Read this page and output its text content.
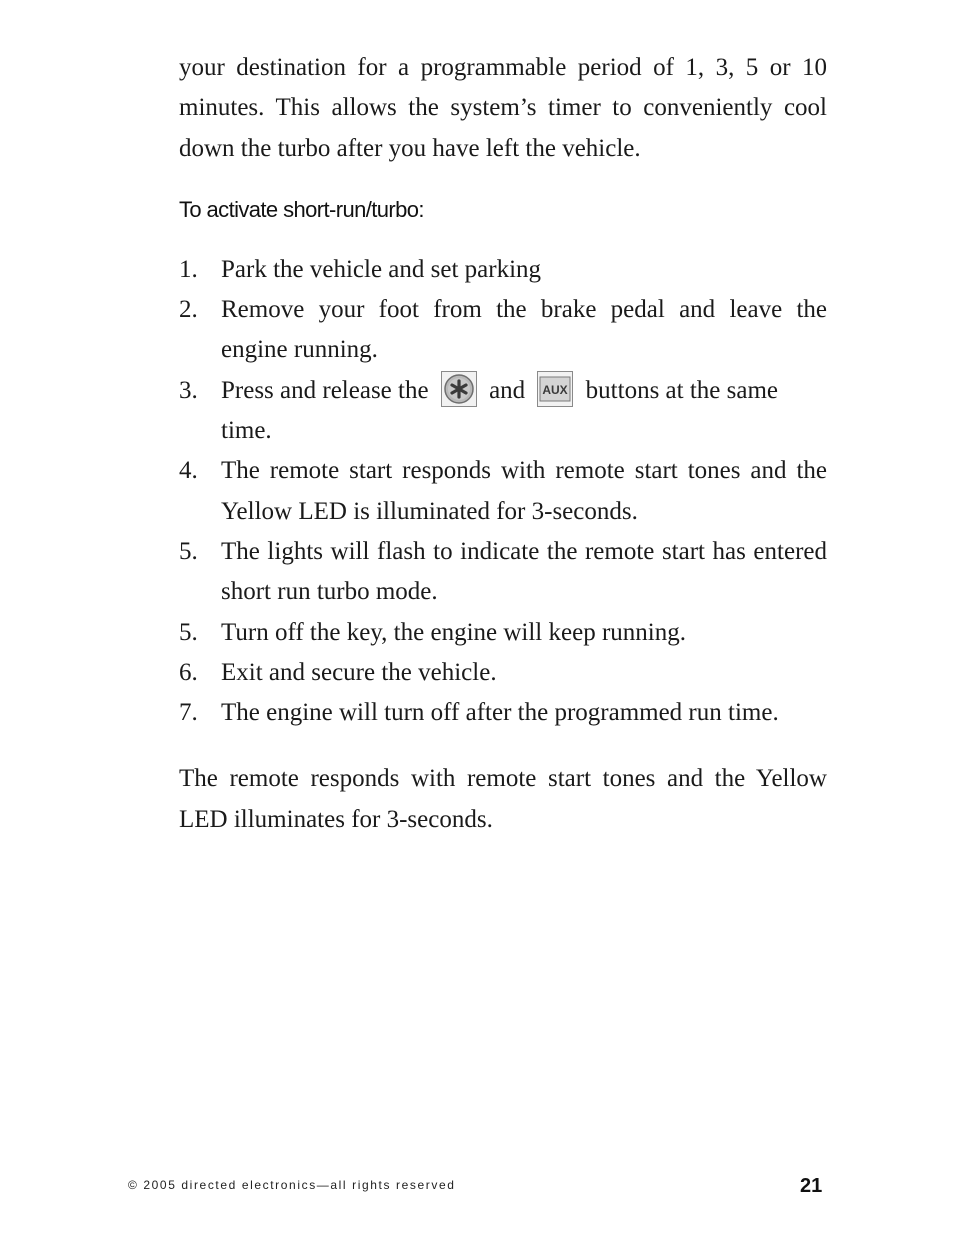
your destination for a programmable period of 1, 3, 5 or 10 minutes. This allows the system’s timer to conveniently cool down the turbo after you have left the vehicle.

To activate short-run/turbo:
1. Park the vehicle and set parking
2. Remove your foot from the brake pedal and leave the engine running.
3. Press and release the and AUX buttons at the same time.
4. The remote start responds with remote start tones and the Yellow LED is illuminated for 3-seconds.
5. The lights will flash to indicate the remote start has entered short run turbo mode.
5. Turn off the key, the engine will keep running.
6. Exit and secure the vehicle.
7. The engine will turn off after the programmed run time.

The remote responds with remote start tones and the Yellow LED illuminates for 3-seconds.

© 2005 directed electronics—all rights reserved	21
